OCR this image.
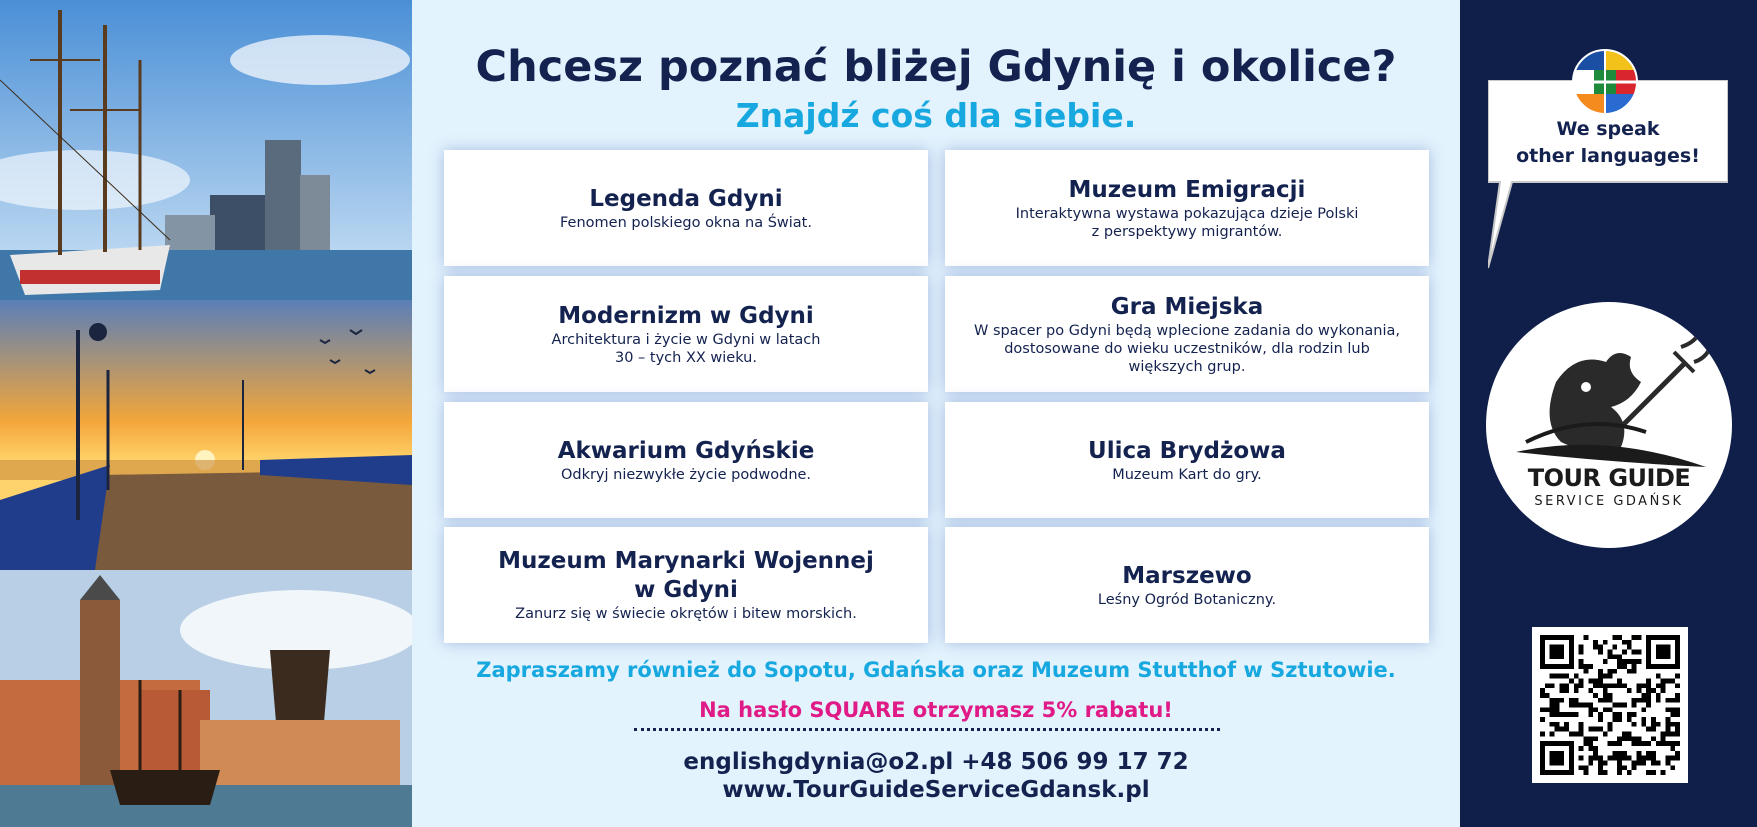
Chcesz poznać bliżej Gdynię i okolice?
Znajdź coś dla siebie.
Legenda Gdyni
Fenomen polskiego okna na Świat.
Muzeum Emigracji
Interaktywna wystawa pokazująca dzieje Polski
z perspektywy migrantów.
Modernizm w Gdyni
Architektura i życie w Gdyni w latach
30 – tych XX wieku.
Gra Miejska
W spacer po Gdyni będą wplecione zadania do wykonania,
dostosowane do wieku uczestników, dla rodzin lub
większych grup.
Akwarium Gdyńskie
Odkryj niezwykłe życie podwodne.
Ulica Brydżowa
Muzeum Kart do gry.
Muzeum Marynarki Wojennej
w Gdyni
Zanurz się w świecie okrętów i bitew morskich.
Marszewo
Leśny Ogród Botaniczny.
Zapraszamy również do Sopotu, Gdańska oraz Muzeum Stutthof w Sztutowie.
Na hasło SQUARE otrzymasz 5% rabatu!
englishgdynia@o2.pl +48 506 99 17 72
www.TourGuideServiceGdansk.pl
We speak
other languages!
TOUR GUIDE
SERVICE GDAŃSK
